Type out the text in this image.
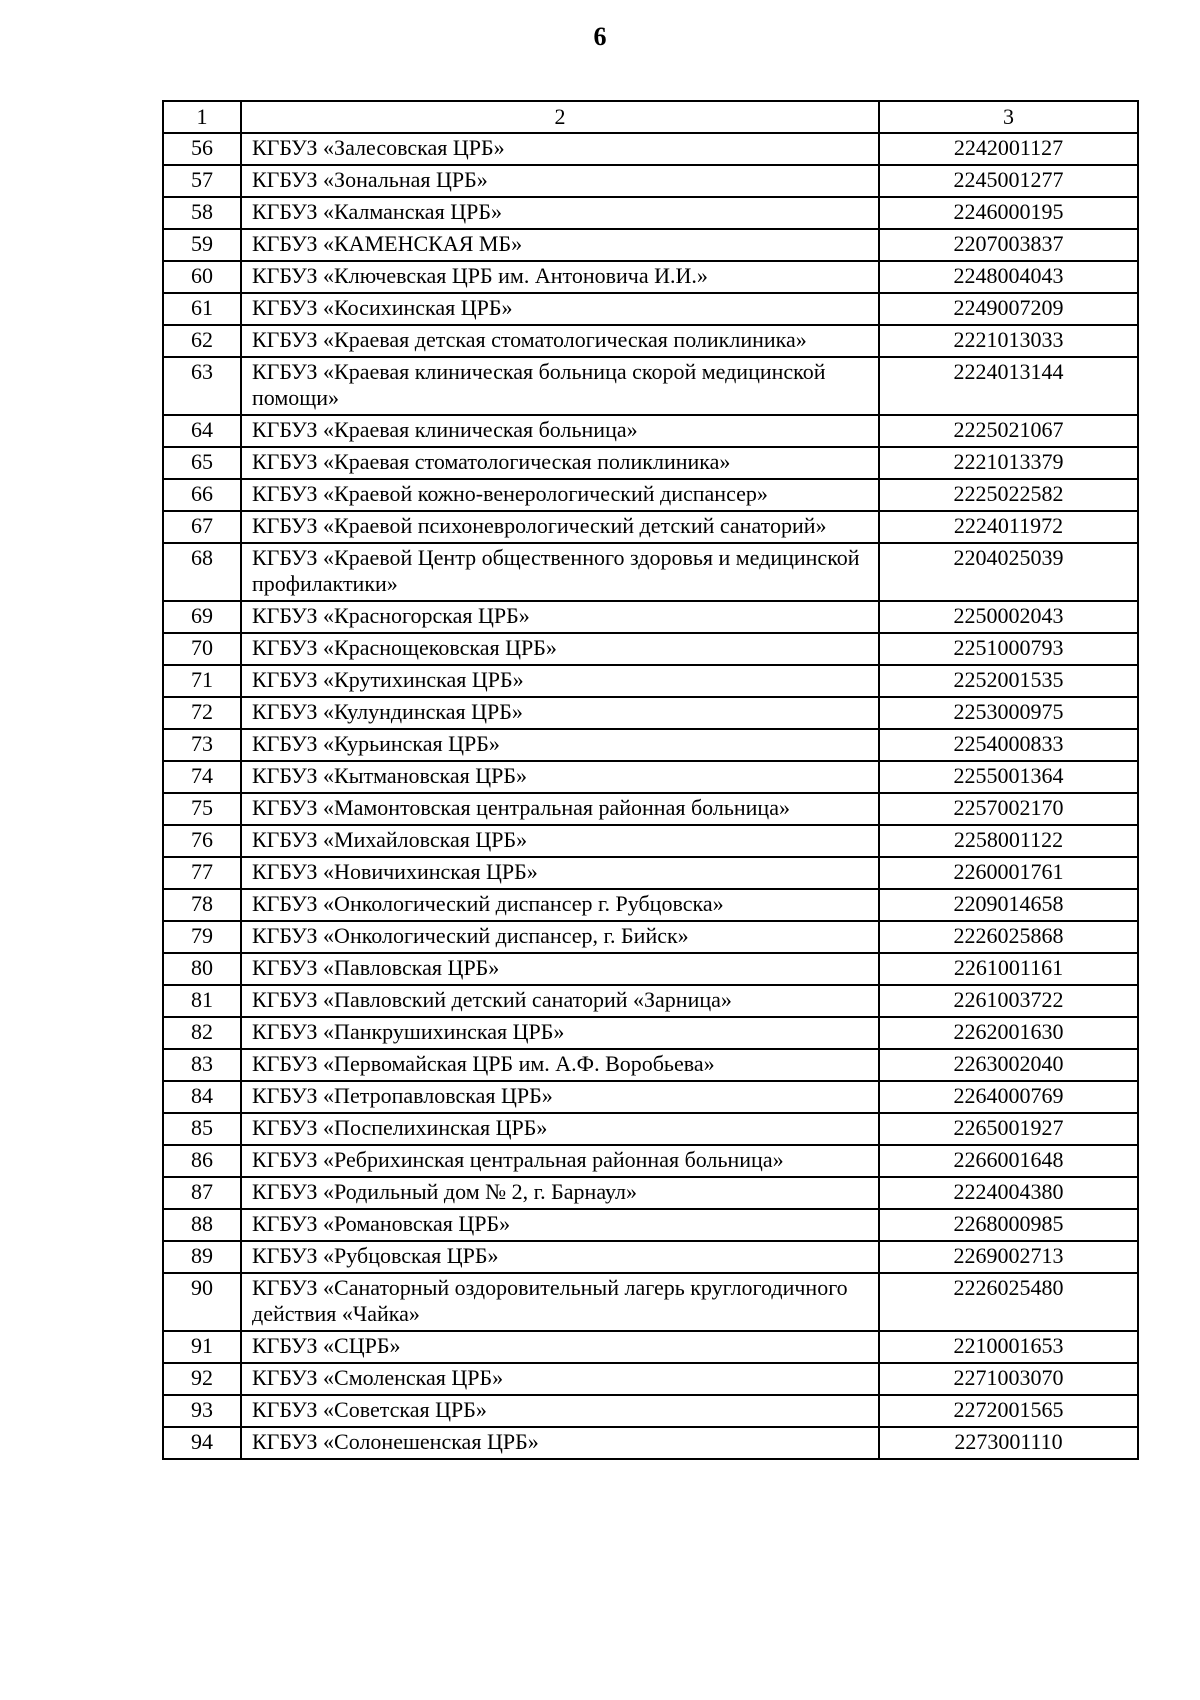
6
1	2	3
56	КГБУЗ «Залесовская ЦРБ»	2242001127
57	КГБУЗ «Зональная ЦРБ»	2245001277
58	КГБУЗ «Калманская ЦРБ»	2246000195
59	КГБУЗ «КАМЕНСКАЯ МБ»	2207003837
60	КГБУЗ «Ключевская ЦРБ им. Антоновича И.И.»	2248004043
61	КГБУЗ «Косихинская ЦРБ»	2249007209
62	КГБУЗ «Краевая детская стоматологическая поликлиника»	2221013033
63	КГБУЗ «Краевая клиническая больница скорой медицинской помощи»	2224013144
64	КГБУЗ «Краевая клиническая больница»	2225021067
65	КГБУЗ «Краевая стоматологическая поликлиника»	2221013379
66	КГБУЗ «Краевой кожно-венерологический диспансер»	2225022582
67	КГБУЗ «Краевой психоневрологический детский санаторий»	2224011972
68	КГБУЗ «Краевой Центр общественного здоровья и медицинской профилактики»	2204025039
69	КГБУЗ «Красногорская ЦРБ»	2250002043
70	КГБУЗ «Краснощековская ЦРБ»	2251000793
71	КГБУЗ «Крутихинская ЦРБ»	2252001535
72	КГБУЗ «Кулундинская ЦРБ»	2253000975
73	КГБУЗ «Курьинская ЦРБ»	2254000833
74	КГБУЗ «Кытмановская ЦРБ»	2255001364
75	КГБУЗ «Мамонтовская центральная районная больница»	2257002170
76	КГБУЗ «Михайловская ЦРБ»	2258001122
77	КГБУЗ «Новичихинская ЦРБ»	2260001761
78	КГБУЗ «Онкологический диспансер г. Рубцовска»	2209014658
79	КГБУЗ «Онкологический диспансер, г. Бийск»	2226025868
80	КГБУЗ «Павловская ЦРБ»	2261001161
81	КГБУЗ «Павловский детский санаторий «Зарница»	2261003722
82	КГБУЗ «Панкрушихинская ЦРБ»	2262001630
83	КГБУЗ «Первомайская ЦРБ им. А.Ф. Воробьева»	2263002040
84	КГБУЗ «Петропавловская ЦРБ»	2264000769
85	КГБУЗ «Поспелихинская ЦРБ»	2265001927
86	КГБУЗ «Ребрихинская центральная районная больница»	2266001648
87	КГБУЗ «Родильный дом № 2, г. Барнаул»	2224004380
88	КГБУЗ «Романовская ЦРБ»	2268000985
89	КГБУЗ «Рубцовская ЦРБ»	2269002713
90	КГБУЗ «Санаторный оздоровительный лагерь круглогодичного действия «Чайка»	2226025480
91	КГБУЗ «СЦРБ»	2210001653
92	КГБУЗ «Смоленская ЦРБ»	2271003070
93	КГБУЗ «Советская ЦРБ»	2272001565
94	КГБУЗ «Солонешенская ЦРБ»	2273001110
